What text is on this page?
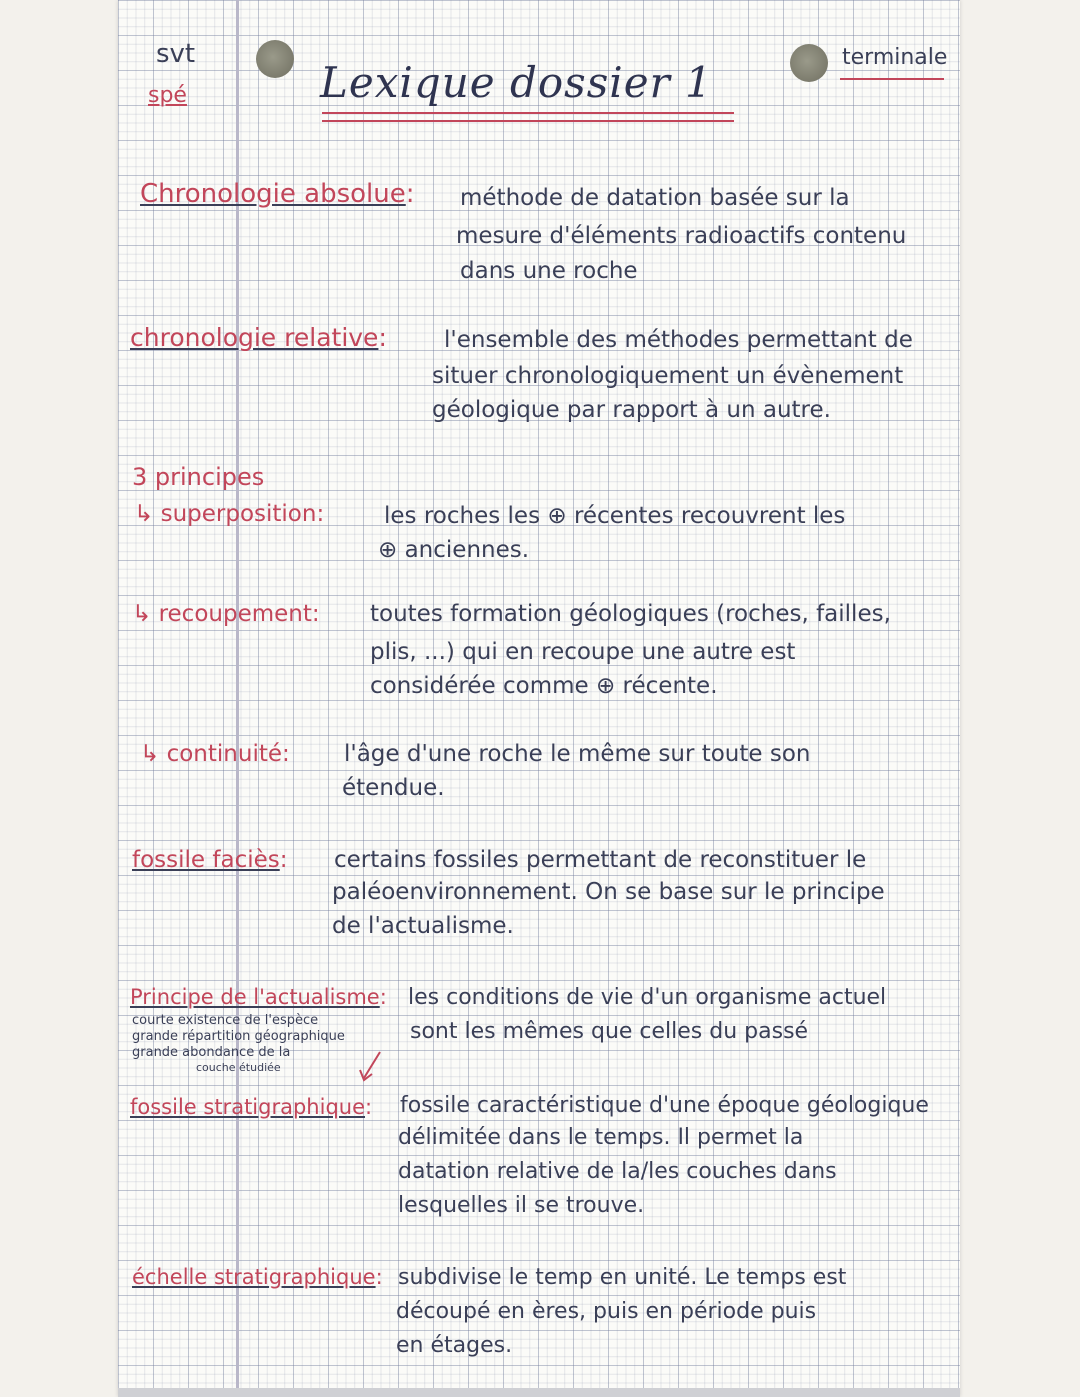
svt
spé	Lexique dossier 1
terminale
Chronologie absolue: méthode de datation basée sur la
mesure d'éléments radioactifs contenu
dans une roche
chronologie relative: l'ensemble des méthodes permettant de
situer chronologiquement un évènement
géologique par rapport à un autre.
3 principes
↳ superposition:	les roches les ⊕ récentes recouvrent les
⊕ anciennes.
↳ recoupement: toutes formation géologiques (roches, failles,
plis, ...) qui en recoupe une autre est
considérée comme ⊕ récente.
↳ continuité: l'âge d'une roche le même sur toute son
étendue.
fossile faciès: certains fossiles permettant de reconstituer le
paléoenvironnement. On se base sur le principe
de l'actualisme.
Principe de l'actualisme: les conditions de vie d'un organisme actuel
sont les mêmes que celles du passé
courte existence de l'espèce
grande répartition géographique
grande abondance de la
couche étudiée
fossile stratigraphique: fossile caractéristique d'une époque géologique
délimitée dans le temps. Il permet la
datation relative de la/les couches dans
lesquelles il se trouve.
échelle stratigraphique: subdivise le temp en unité. Le temps est
découpé en ères, puis en période puis
en étages.
